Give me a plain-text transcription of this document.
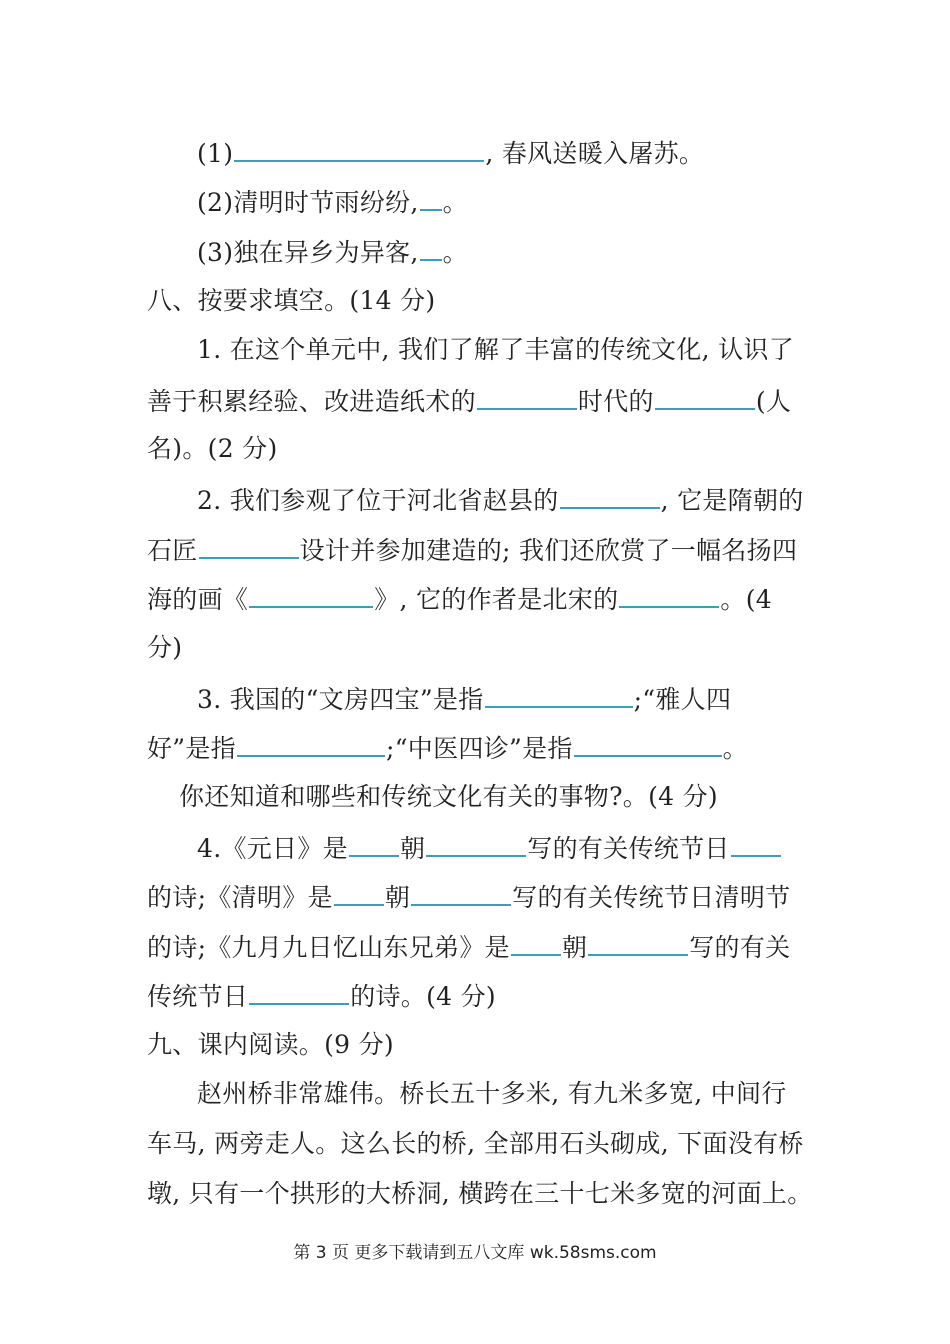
(1)	, 春风送暖入屠苏。
(2)清明时节雨纷纷, 。
(3)独在异乡为异客, 。
八、按要求填空。(14 分)
1. 在这个单元中, 我们了解了丰富的传统文化, 认识了
善于积累经验、改进造纸术的	时代的	(人
名)。(2 分)
2. 我们参观了位于河北省赵县的	, 它是隋朝的
石匠	设计并参加建造的; 我们还欣赏了一幅名扬四
海的画《	》, 它的作者是北宋的	。(4
分)
3. 我国的“文房四宝”是指	;“雅人四
好”是指	;“中医四诊”是指	。
你还知道和哪些和传统文化有关的事物?。(4 分)
4.《元日》是 朝	写的有关传统节日
的诗;《清明》是 朝	写的有关传统节日清明节
的诗;《九月九日忆山东兄弟》是 朝	写的有关
传统节日	的诗。(4 分)
九、课内阅读。(9 分)
赵州桥非常雄伟。桥长五十多米, 有九米多宽, 中间行
车马, 两旁走人。这么长的桥, 全部用石头砌成, 下面没有桥
墩, 只有一个拱形的大桥洞, 横跨在三十七米多宽的河面上。
第 3 页 更多下载请到五八文库 wk.58sms.com
